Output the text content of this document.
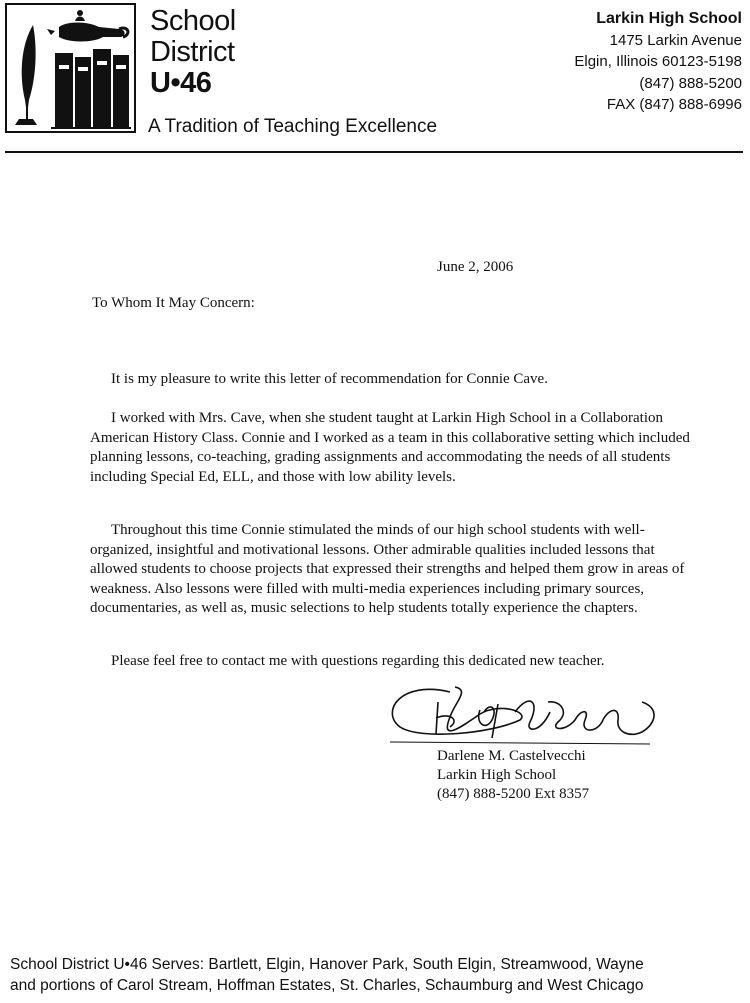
School
District
U•46
A Tradition of Teaching Excellence
Larkin High School
1475 Larkin Avenue
Elgin, Illinois 60123-5198
(847) 888-5200
FAX (847) 888-6996
June 2, 2006
To Whom It May Concern:

It is my pleasure to write this letter of recommendation for Connie Cave.

I worked with Mrs. Cave, when she student taught at Larkin High School in a Collaboration American History Class. Connie and I worked as a team in this collaborative setting which included planning lessons, co-teaching, grading assignments and accommodating the needs of all students including Special Ed, ELL, and those with low ability levels.

Throughout this time Connie stimulated the minds of our high school students with well-organized, insightful and motivational lessons. Other admirable qualities included lessons that allowed students to choose projects that expressed their strengths and helped them grow in areas of weakness. Also lessons were filled with multi-media experiences including primary sources, documentaries, as well as, music selections to help students totally experience the chapters.

Please feel free to contact me with questions regarding this dedicated new teacher.

Darlene M. Castelvecchi
Larkin High School
(847) 888-5200 Ext 8357
School District U•46 Serves: Bartlett, Elgin, Hanover Park, South Elgin, Streamwood, Wayne
and portions of Carol Stream, Hoffman Estates, St. Charles, Schaumburg and West Chicago
